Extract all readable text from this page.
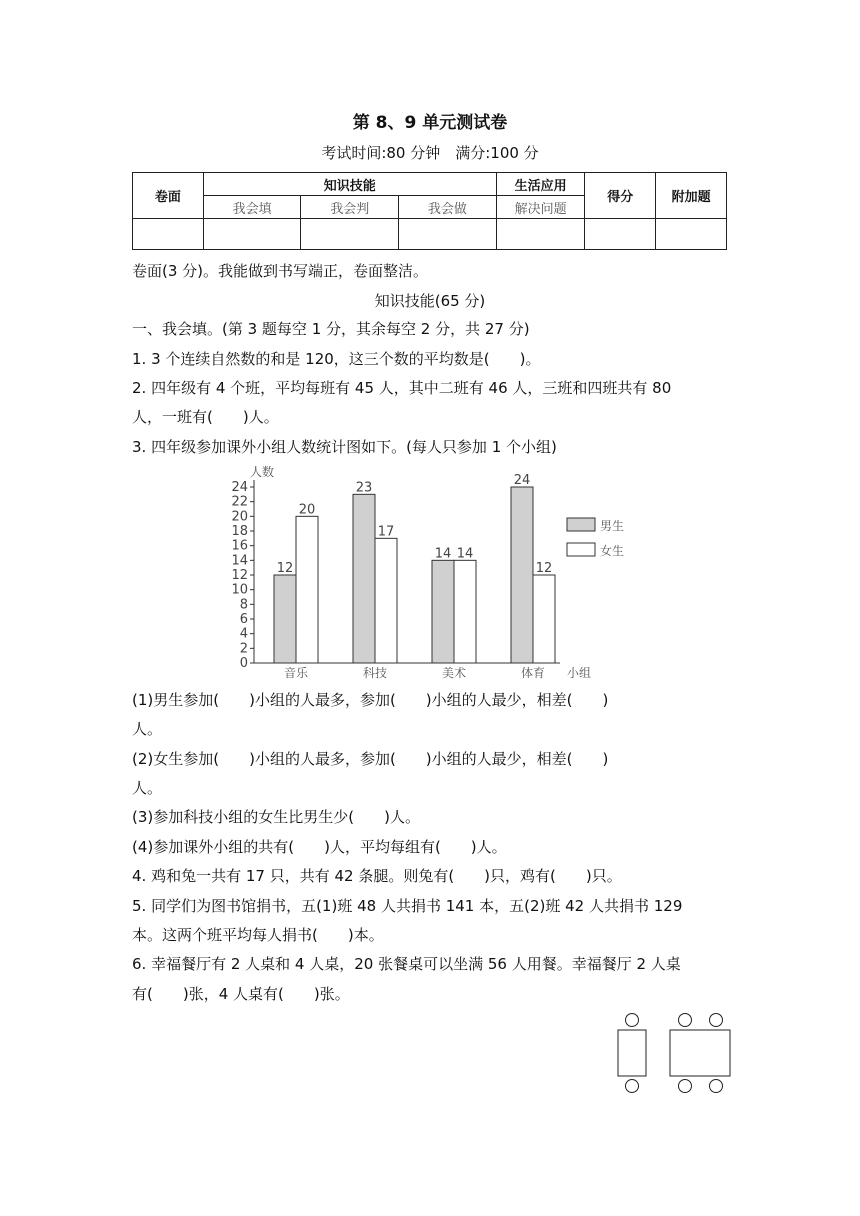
第 8、9 单元测试卷
考试时间:80 分钟　满分:100 分
卷面	知识技能			生活应用	得分	附加题
	我会填	我会判	我会做	解决问题		

卷面(3 分)。我能做到书写端正，卷面整洁。
知识技能(65 分)
一、我会填。(第 3 题每空 1 分，其余每空 2 分，共 27 分)
1. 3 个连续自然数的和是 120，这三个数的平均数是(　　)。
2. 四年级有 4 个班，平均每班有 45 人，其中二班有 46 人，三班和四班共有 80
人，一班有(　　)人。
3. 四年级参加课外小组人数统计图如下。(每人只参加 1 个小组)
人数
小组
男生
女生
0
2
4
6
8
10
12
14
16
18
20
22
24
12
20
音乐
23
17
科技
14 14
美术
24
12
体育
(1)男生参加(　　)小组的人最多，参加(　　)小组的人最少，相差(　　)
人。
(2)女生参加(　　)小组的人最多，参加(　　)小组的人最少，相差(　　)
人。
(3)参加科技小组的女生比男生少(　　)人。
(4)参加课外小组的共有(　　)人，平均每组有(　　)人。
4. 鸡和兔一共有 17 只，共有 42 条腿。则兔有(　　)只，鸡有(　　)只。
5. 同学们为图书馆捐书，五(1)班 48 人共捐书 141 本，五(2)班 42 人共捐书 129
本。这两个班平均每人捐书(　　)本。
6. 幸福餐厅有 2 人桌和 4 人桌，20 张餐桌可以坐满 56 人用餐。幸福餐厅 2 人桌
有(　　)张，4 人桌有(　　)张。
